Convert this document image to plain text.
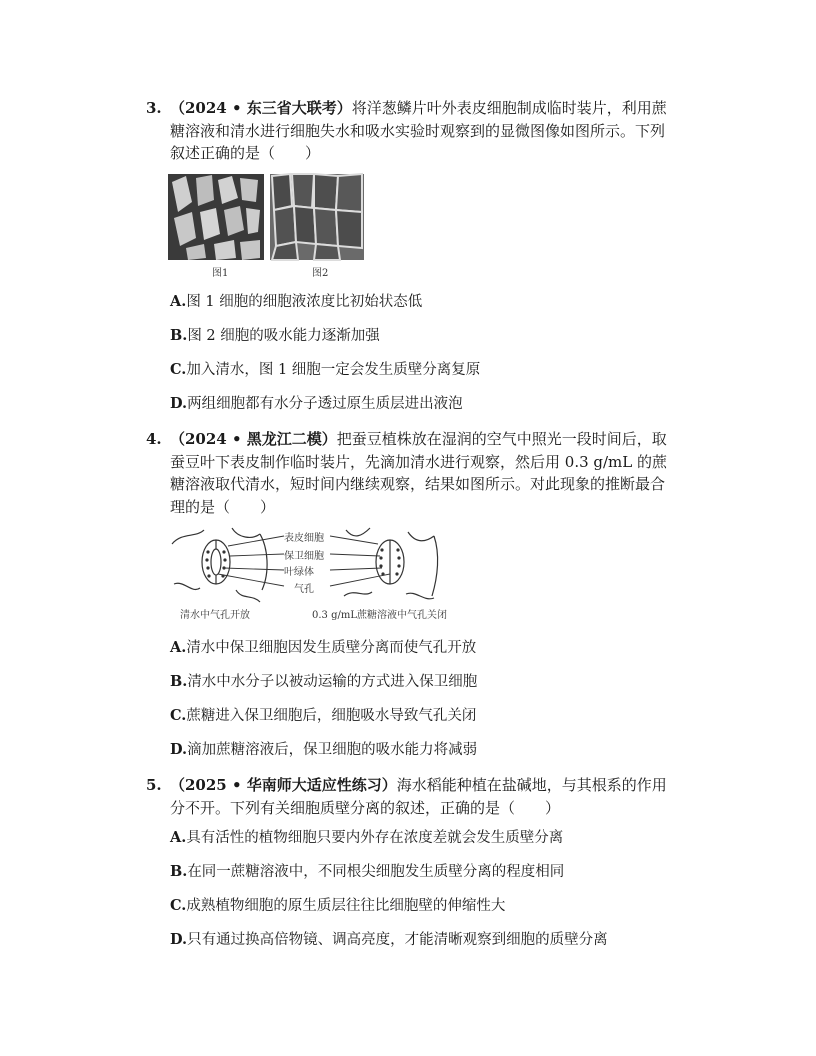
3. （2024 • 东三省大联考）将洋葱鳞片叶外表皮细胞制成临时装片，利用蔗
糖溶液和清水进行细胞失水和吸水实验时观察到的显微图像如图所示。下列
叙述正确的是（　　）
图1	图2
A.图 1 细胞的细胞液浓度比初始状态低
B.图 2 细胞的吸水能力逐渐加强
C.加入清水，图 1 细胞一定会发生质壁分离复原
D.两组细胞都有水分子透过原生质层进出液泡
4. （2024 • 黑龙江二模）把蚕豆植株放在湿润的空气中照光一段时间后，取
蚕豆叶下表皮制作临时装片，先滴加清水进行观察，然后用 0.3 g/mL 的蔗
糖溶液取代清水，短时间内继续观察，结果如图所示。对此现象的推断最合
理的是（　　）
表皮细胞
保卫细胞
叶绿体
气孔
清水中气孔开放	0.3 g/mL蔗糖溶液中气孔关闭
A.清水中保卫细胞因发生质壁分离而使气孔开放
B.清水中水分子以被动运输的方式进入保卫细胞
C.蔗糖进入保卫细胞后，细胞吸水导致气孔关闭
D.滴加蔗糖溶液后，保卫细胞的吸水能力将减弱
5. （2025 • 华南师大适应性练习）海水稻能种植在盐碱地，与其根系的作用
分不开。下列有关细胞质壁分离的叙述，正确的是（　　）
A.具有活性的植物细胞只要内外存在浓度差就会发生质壁分离
B.在同一蔗糖溶液中，不同根尖细胞发生质壁分离的程度相同
C.成熟植物细胞的原生质层往往比细胞壁的伸缩性大
D.只有通过换高倍物镜、调高亮度，才能清晰观察到细胞的质壁分离
